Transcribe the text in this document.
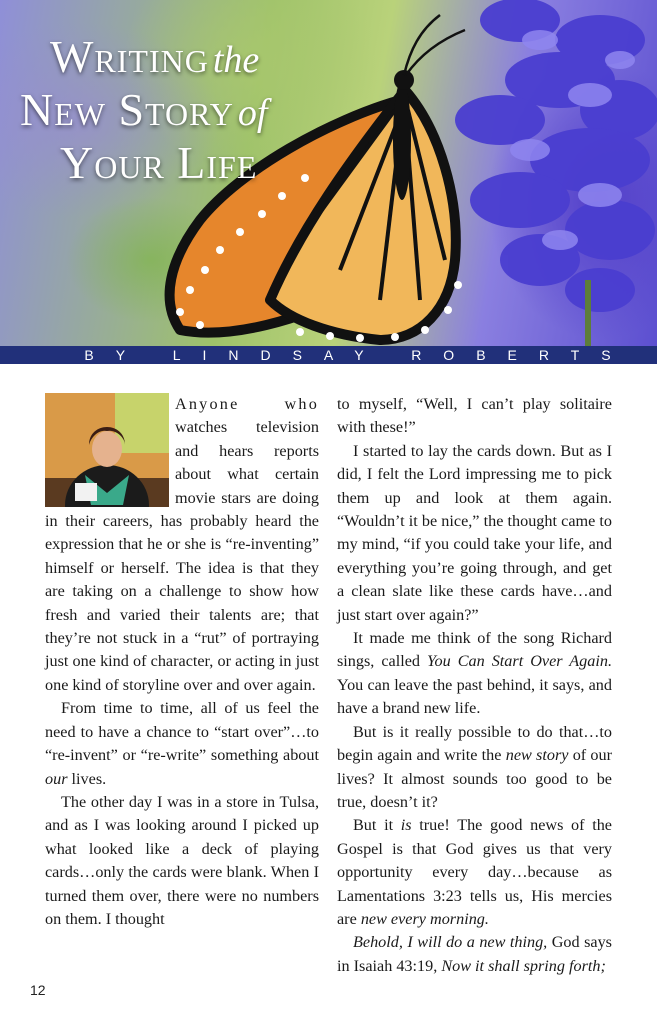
Writing the
New Story of
Your Life
BY LINDSAY ROBERTS

Anyone who watches television and hears reports about what certain movie stars are doing in their careers, has probably heard the expression that he or she is “re-inventing” himself or herself. The idea is that they are taking on a challenge to show how fresh and varied their talents are; that they’re not stuck in a “rut” of portraying just one kind of character, or acting in just one kind of storyline over and over again.

From time to time, all of us feel the need to have a chance to “start over”…to “re-invent” or “re-write” something about our lives.

The other day I was in a store in Tulsa, and as I was looking around I picked up what looked like a deck of playing cards…only the cards were blank. When I turned them over, there were no numbers on them. I thought

to myself, “Well, I can’t play solitaire with these!”

I started to lay the cards down. But as I did, I felt the Lord impressing me to pick them up and look at them again. “Wouldn’t it be nice,” the thought came to my mind, “if you could take your life, and everything you’re going through, and get a clean slate like these cards have…and just start over again?”

It made me think of the song Richard sings, called You Can Start Over Again. You can leave the past behind, it says, and have a brand new life.

But is it really possible to do that…to begin again and write the new story of our lives? It almost sounds too good to be true, doesn’t it?

But it is true! The good news of the Gospel is that God gives us that very opportunity every day…because as Lamentations 3:23 tells us, His mercies are new every morning.

Behold, I will do a new thing, God says in Isaiah 43:19, Now it shall spring forth;

12
